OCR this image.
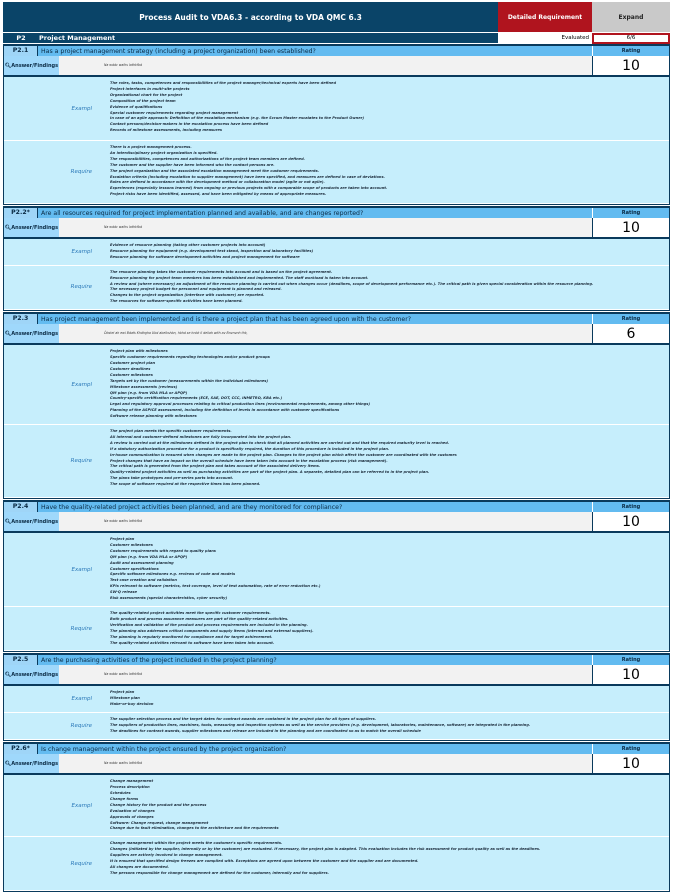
Process Audit to VDA6.3 - according to VDA QMC 6.3	Detailed Requirement	Expand
P2	Project Management	Evaluated	6/6
P2.1	Has a project management strategy (including a project organization) been established?	Rating
🔍︎ Answer/Findings	Na wddc walhs lathkfbd	10
Exampl
The roles, tasks, competences and responsibilities of the project manager/technical experts have been defined
Project interfaces in multi-site projects
Organizational chart for the project
Composition of the project team
Evidence of qualifications
Special customer requirements regarding project management
In case of an agile approach: Definition of the escalation mechanism (e.g. the Scrum Master escalates to the Product Owner)
Contact persons/decision-makers in the escalation process have been defined
Records of milestone assessments, including measures
Require
There is a project management process.
An interdisciplinary project organization is specified.
The responsibilities, competences and authorizations of the project team members are defined.
The customer and the supplier have been informed who the contact persons are.
The project organization and the associated escalation management meet the customer requirements.
Escalation criteria (including escalation to supplier management) have been specified, and measures are defined in case of deviations.
Roles are defined in accordance with the development method or collaboration model (agile or not agile).
Experiences (especially lessons learned) from ongoing or previous projects with a comparable scope of products are taken into account.
Project risks have been identified, assessed, and have been mitigated by means of appropriate measures.
P2.2*	Are all resources required for project implementation planned and available, and are changes reported?	Rating
🔍︎ Answer/Findings	Na wddc walhs lathkfbd	10
Exampl
Evidence of resource planning (taking other customer projects into account)
Resource planning for equipment (e.g. development test stand, inspection and laboratory facilities)
Resource planning for software development activities and project management for software
Require
The resource planning takes the customer requirements into account and is based on the project agreement.
Resource planning for project team members has been established and implemented. The staff workload is taken into account.
A review and (where necessary) an adjustment of the resource planning is carried out when changes occur (deadlines, scope of development performance etc.). The critical path is given special consideration within the resource planning.
The necessary project budget for personnel and equipment is planned and released.
Changes to the project organization (interface with customer) are reported.
The resources for software-specific activities have been planned.
P2.3	Has project management been implemented and is there a project plan that has been agreed upon with the customer?	Rating
🔍︎ Answer/Findings	Ŏbstel ah ewi Bdafs Khdhgha Ubd abelkshbn, hbhd se hnbk il deilah with av Bnvnvnh thk,	6
Exampl
Project plan with milestones
Specific customer requirements regarding technologies and/or product groups
Customer project plan
Customer deadlines
Customer milestones
Targets set by the customer (measurements within the individual milestones)
Milestone assessments (reviews)
QM plan (e.g. from VDA MLA or APQP)
Country-specific certification requirements (ECE, SAE, DOT, CCC, INMETRO, KBA etc.)
Legal and regulatory approval processes relating to critical production lines (environmental requirements, among other things)
Planning of the ASPICE assessment, including the definition of levels in accordance with customer specifications
Software release planning with milestones
Require
The project plan meets the specific customer requirements.
All internal and customer-defined milestones are fully incorporated into the project plan.
A review is carried out at the milestones defined in the project plan to check that all planned activities are carried out and that the required maturity level is reached.
If a statutory authorization procedure for a product is specifically required, the duration of this procedure is included in the project plan.
In-house communication is ensured when changes are made to the project plan. Changes to the project plan which affect the customer are coordinated with the customer.
Project changes that have an impact on the overall schedule have been taken into account in the escalation process (risk management).
The critical path is generated from the project plan and takes account of the associated delivery items.
Quality-related project activities as well as purchasing activities are part of the project plan. A separate, detailed plan can be referred to in the project plan.
The plans take prototypes and pre-series parts into account.
The scope of software required at the respective times has been planned.
P2.4	Have the quality-related project activities been planned, and are they monitored for compliance?	Rating
🔍︎ Answer/Findings	Na wddc walhs lathkfbd	10
Exampl
Project plan
Customer milestones
Customer requirements with regard to quality plans
QM plan (e.g. from VDA MLA or APQP)
Audit and assessment planning
Customer specifications
Specific software milestones e.g. reviews of code and models
Test case creation and validation
KPIs relevant to software (metrics, test coverage, level of test automation, rate of error reduction etc.)
SW-Q release
Risk assessments (special characteristics, cyber security)
Require
The quality-related project activities meet the specific customer requirements.
Both product and process assurance measures are part of the quality-related activities.
Verification and validation of the product and process requirements are included in the planning.
The planning also addresses critical components and supply items (internal and external suppliers).
The planning is regularly monitored for compliance and for target achievement.
The quality-related activities relevant to software have been taken into account.
P2.5	Are the purchasing activities of the project included in the project planning?	Rating
🔍︎ Answer/Findings	Na wddc walhs lathkfbd	10
Exampl
Project plan
Milestone plan
Make-or-buy decision
Require
The supplier selection process and the target dates for contract awards are contained in the project plan for all types of suppliers.
The suppliers of production lines, machines, tools, measuring and inspection systems as well as the service providers (e.g. development, laboratories, maintenance, software) are integrated in the planning.
The deadlines for contract awards, supplier milestones and release are included in the planning and are coordinated so as to match the overall schedule
P2.6*	Is change management within the project ensured by the project organization?	Rating
🔍︎ Answer/Findings	Na wddc walhs lathkfbd	10
Exampl
Change management
Process description
Schedules
Change forms
Change history for the product and the process
Evaluation of changes
Approvals of changes
Software: Change request, change management
Change due to fault elimination, changes to the architecture and the requirements
Require
Change management within the project meets the customer's specific requirements.
Changes (initiated by the supplier, internally or by the customer) are evaluated. If necessary, the project plan is adapted. This evaluation includes the risk assessment for product quality as well as the deadlines.
Suppliers are actively involved in change management.
It is ensured that specified design freezes are complied with. Exceptions are agreed upon between the customer and the supplier and are documented.
All changes are documented.
The persons responsible for change management are defined for the customer, internally and for suppliers.
